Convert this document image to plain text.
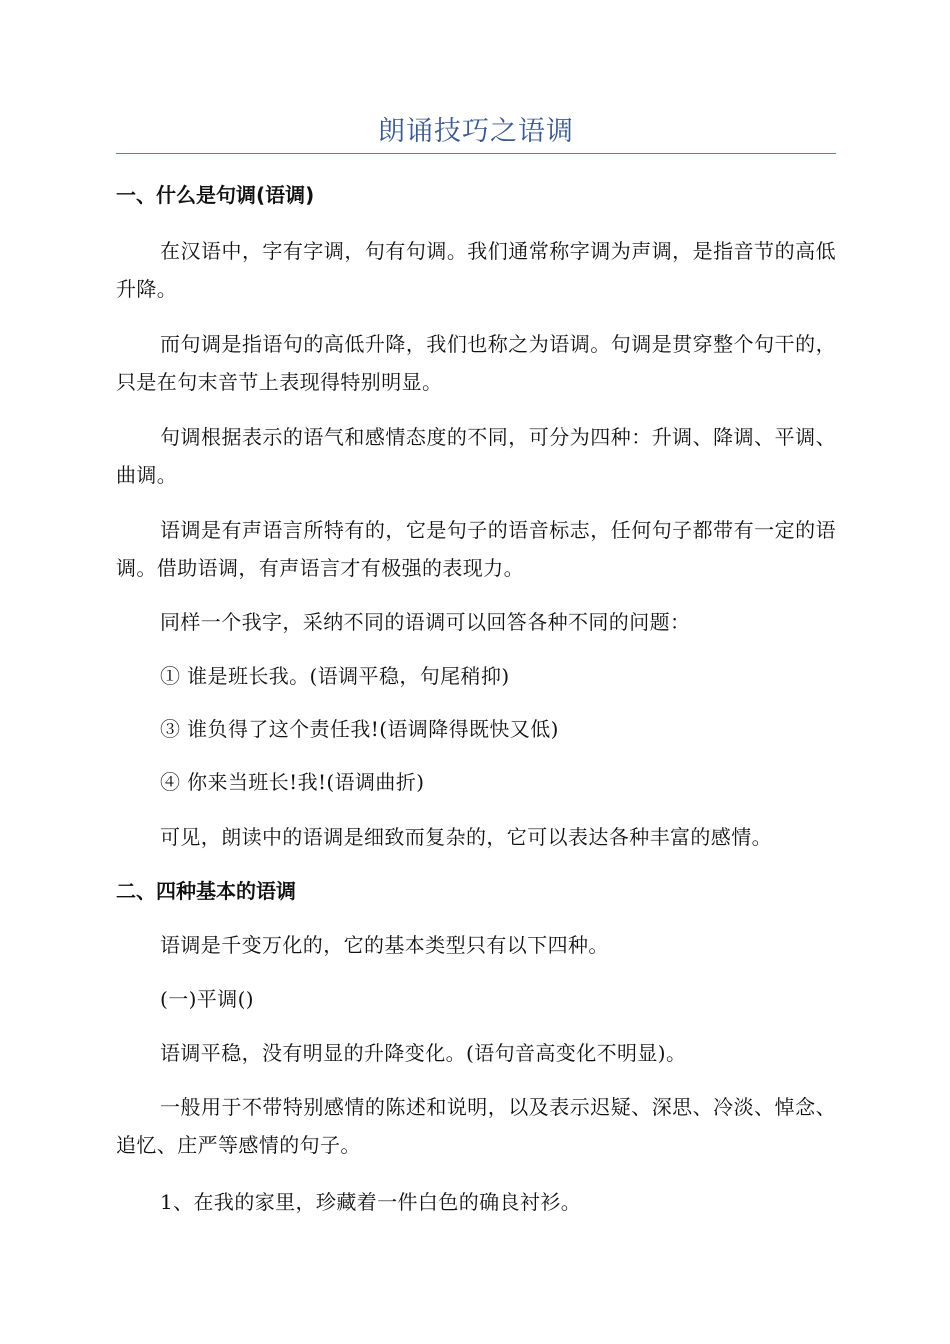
朗诵技巧之语调
一、什么是句调(语调)
在汉语中，字有字调，句有句调。我们通常称字调为声调，是指音节的高低升降。
而句调是指语句的高低升降，我们也称之为语调。句调是贯穿整个句干的，只是在句末音节上表现得特别明显。
句调根据表示的语气和感情态度的不同，可分为四种：升调、降调、平调、曲调。
语调是有声语言所特有的，它是句子的语音标志，任何句子都带有一定的语调。借助语调，有声语言才有极强的表现力。
同样一个我字，采纳不同的语调可以回答各种不同的问题：
① 谁是班长我。(语调平稳，句尾稍抑)
③ 谁负得了这个责任我!(语调降得既快又低)
④ 你来当班长!我!(语调曲折)
可见，朗读中的语调是细致而复杂的，它可以表达各种丰富的感情。
二、四种基本的语调
语调是千变万化的，它的基本类型只有以下四种。
(一)平调()
语调平稳，没有明显的升降变化。(语句音高变化不明显)。
一般用于不带特别感情的陈述和说明，以及表示迟疑、深思、冷淡、悼念、追忆、庄严等感情的句子。
1、在我的家里，珍藏着一件白色的确良衬衫。
